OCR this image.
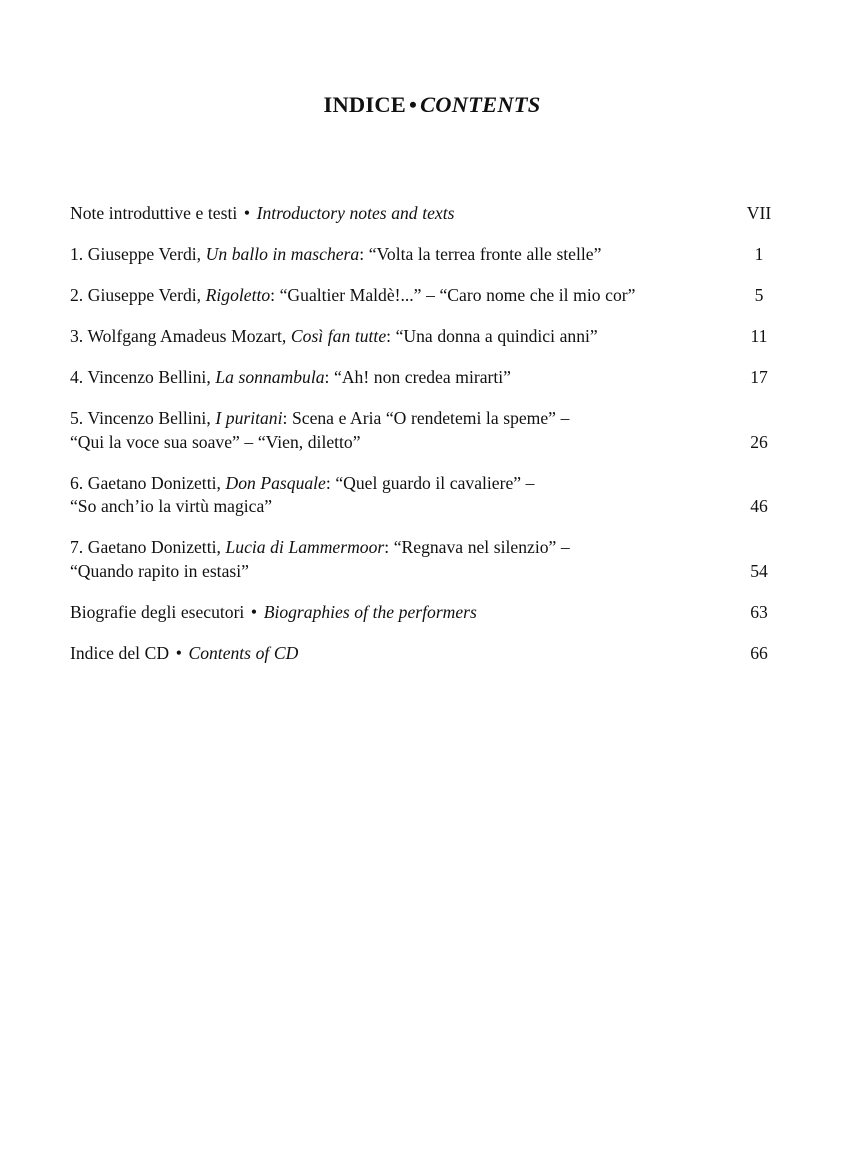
INDICE • CONTENTS
Note introduttive e testi • Introductory notes and texts	VII
1. Giuseppe Verdi, Un ballo in maschera: “Volta la terrea fronte alle stelle”	1
2. Giuseppe Verdi, Rigoletto: “Gualtier Maldè!...” – “Caro nome che il mio cor”	5
3. Wolfgang Amadeus Mozart, Così fan tutte: “Una donna a quindici anni”	11
4. Vincenzo Bellini, La sonnambula: “Ah! non credea mirarti”	17
5. Vincenzo Bellini, I puritani: Scena e Aria “O rendetemi la speme” –
“Qui la voce sua soave” – “Vien, diletto”	26
6. Gaetano Donizetti, Don Pasquale: “Quel guardo il cavaliere” –
“So anch’io la virtù magica”	46
7. Gaetano Donizetti, Lucia di Lammermoor: “Regnava nel silenzio” –
“Quando rapito in estasi”	54
Biografie degli esecutori • Biographies of the performers	63
Indice del CD • Contents of CD	66
